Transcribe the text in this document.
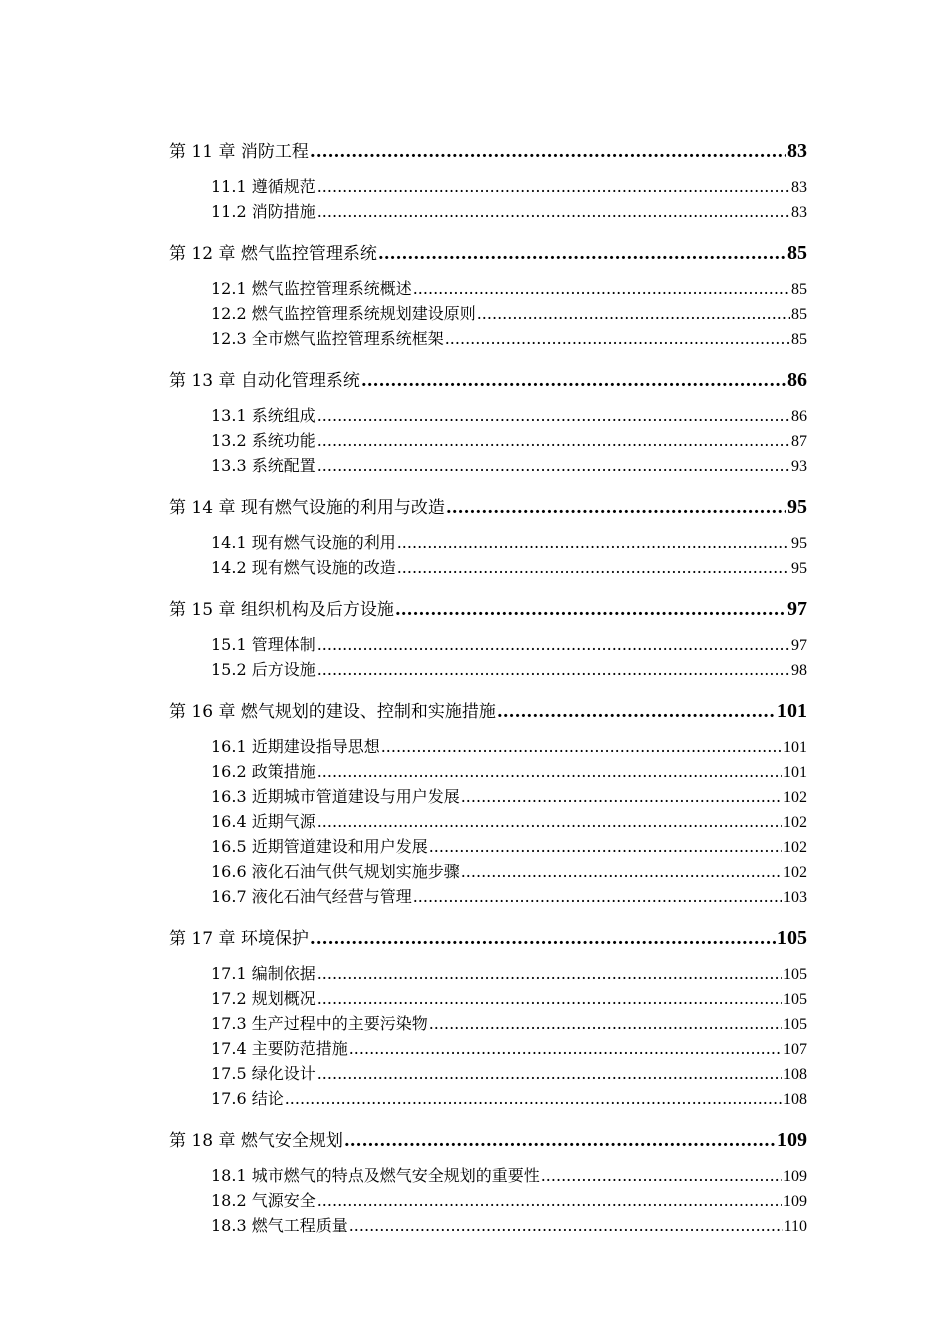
第 11 章 消防工程 .....	83
11.1 遵循规范 .....	83
11.2 消防措施 .....	83
第 12 章 燃气监控管理系统 .....	85
12.1 燃气监控管理系统概述 .....	85
12.2 燃气监控管理系统规划建设原则 .....	85
12.3 全市燃气监控管理系统框架 .....	85
第 13 章 自动化管理系统 .....	86
13.1 系统组成 .....	86
13.2 系统功能 .....	87
13.3 系统配置 .....	93
第 14 章 现有燃气设施的利用与改造 .....	95
14.1 现有燃气设施的利用 .....	95
14.2 现有燃气设施的改造 .....	95
第 15 章 组织机构及后方设施 .....	97
15.1 管理体制 .....	97
15.2 后方设施 .....	98
第 16 章 燃气规划的建设、控制和实施措施 .....	101
16.1 近期建设指导思想 .....	101
16.2 政策措施 .....	101
16.3 近期城市管道建设与用户发展 .....	102
16.4 近期气源 .....	102
16.5 近期管道建设和用户发展 .....	102
16.6 液化石油气供气规划实施步骤 .....	102
16.7 液化石油气经营与管理 .....	103
第 17 章 环境保护 .....	105
17.1 编制依据 .....	105
17.2 规划概况 .....	105
17.3 生产过程中的主要污染物 .....	105
17.4 主要防范措施 .....	107
17.5 绿化设计 .....	108
17.6 结论 .....	108
第 18 章 燃气安全规划 .....	109
18.1 城市燃气的特点及燃气安全规划的重要性 .....	109
18.2 气源安全 .....	109
18.3 燃气工程质量 .....	110
